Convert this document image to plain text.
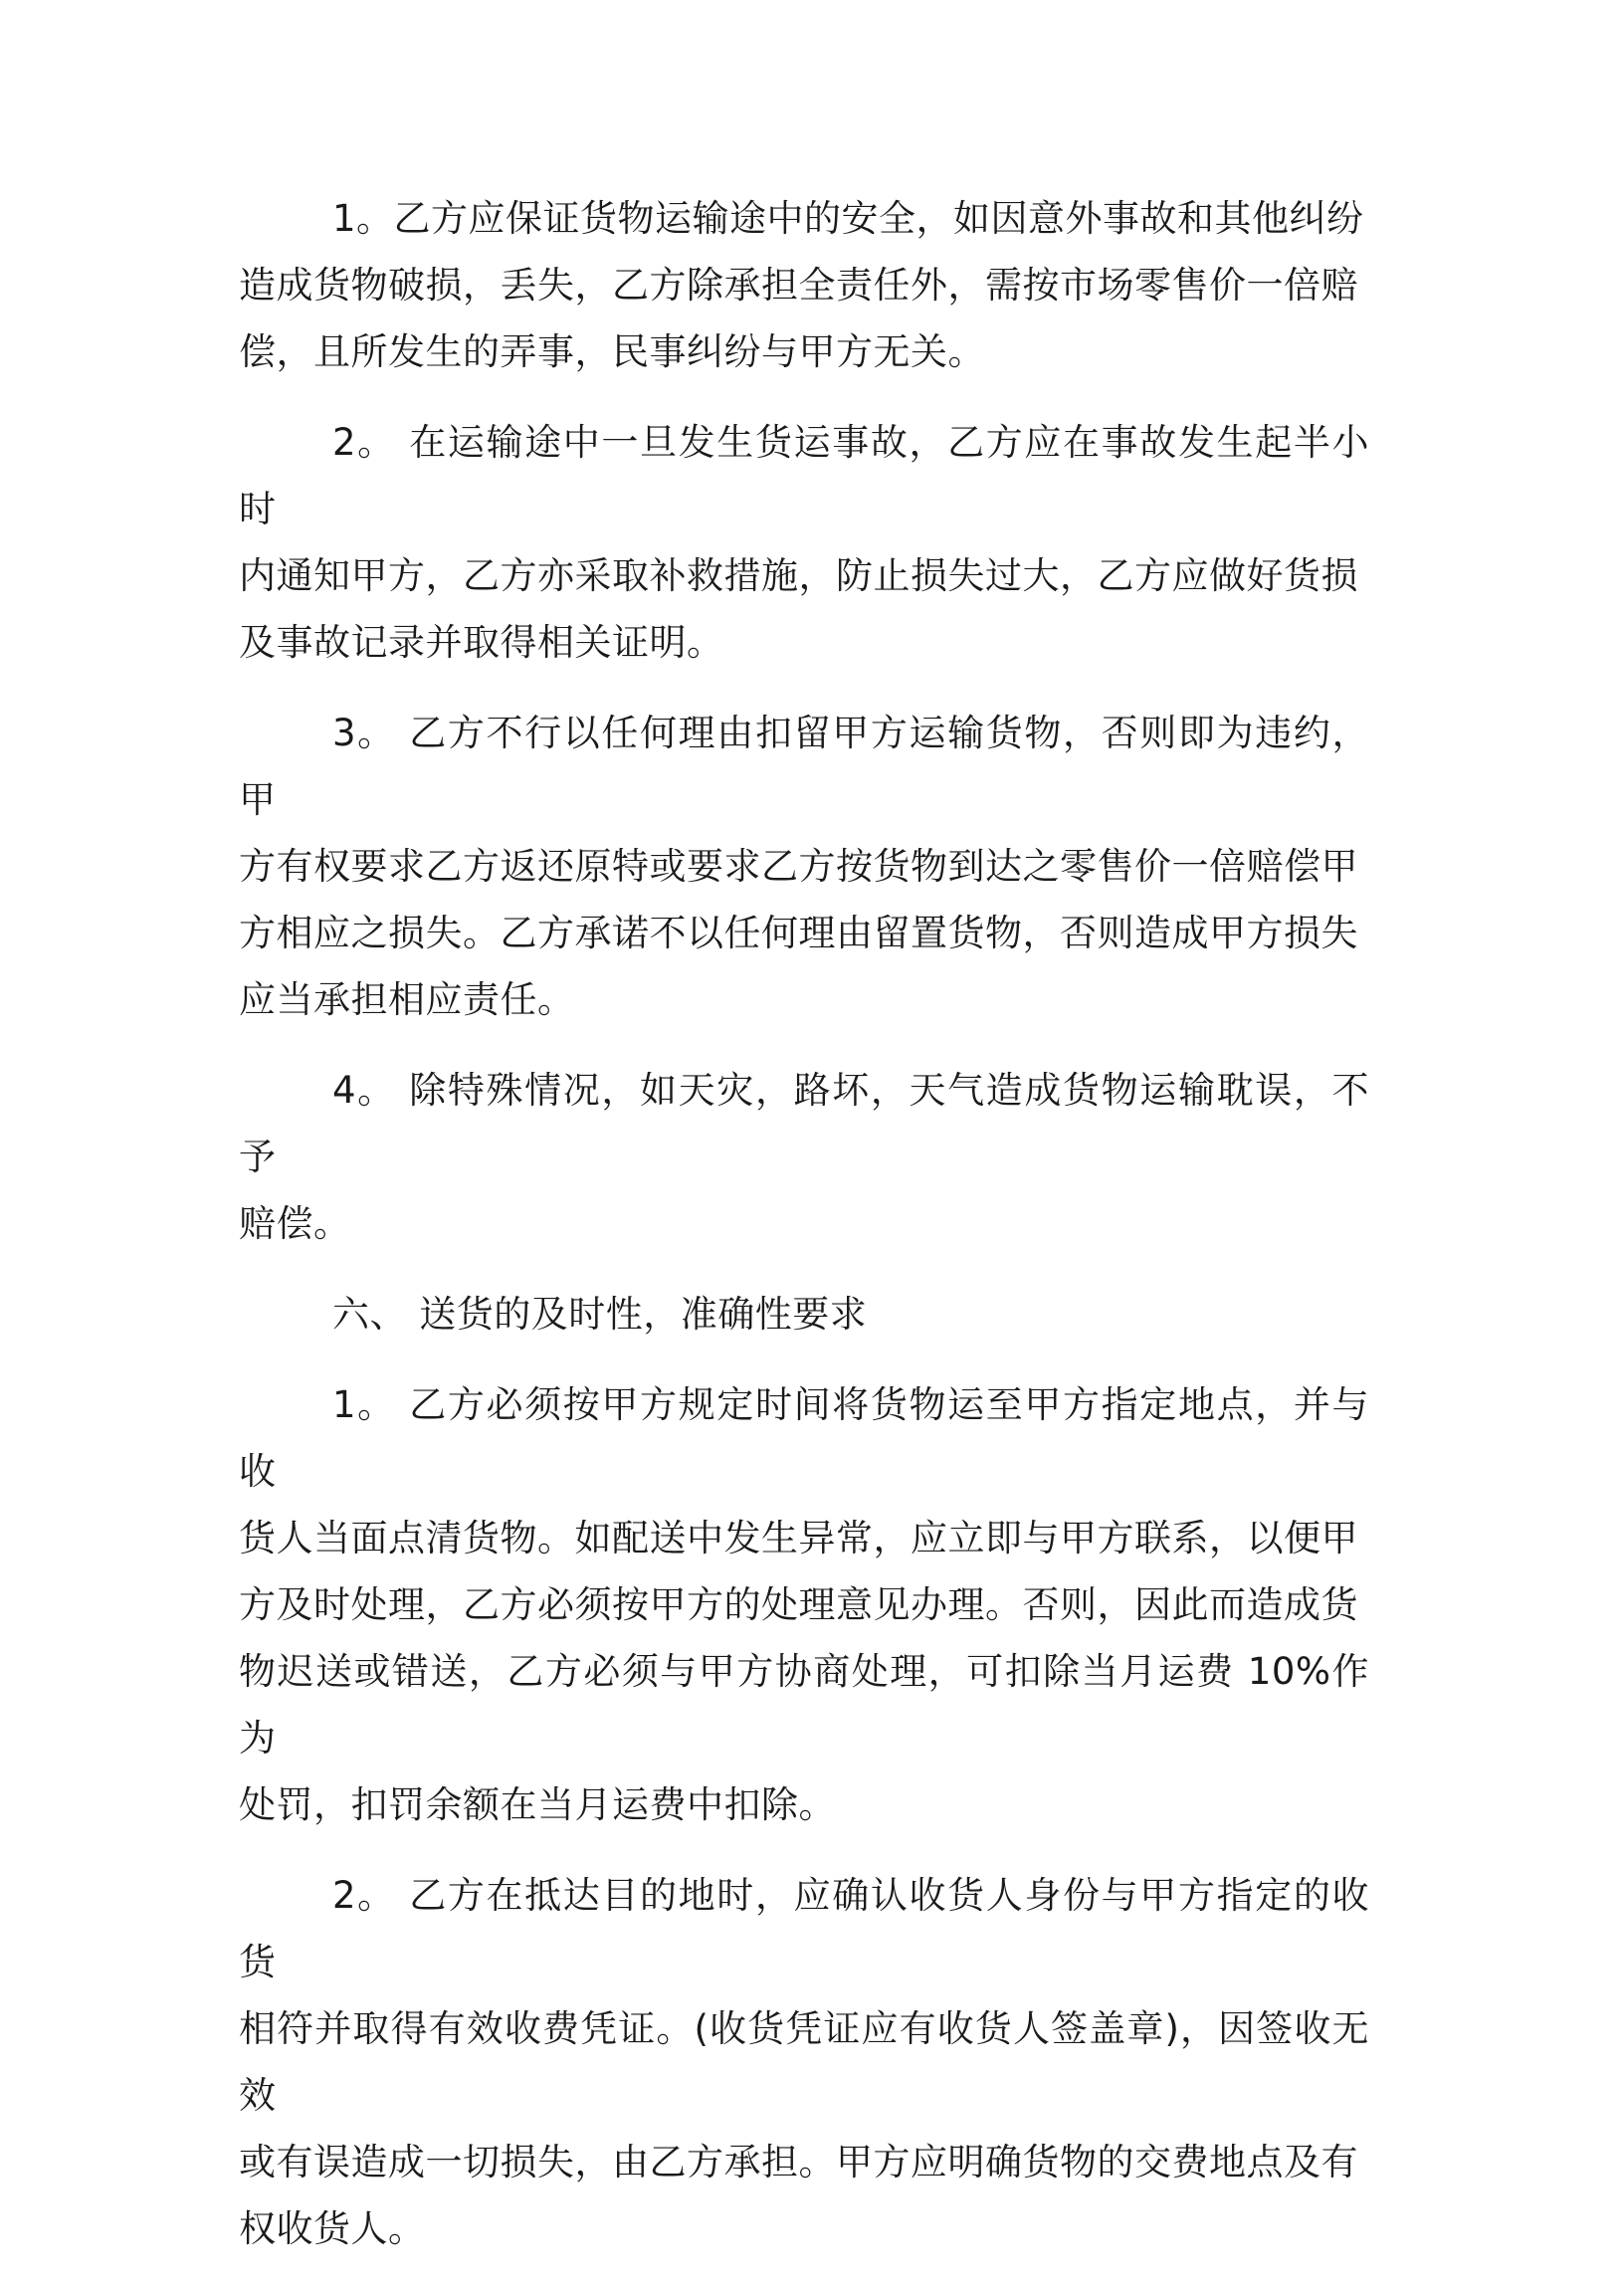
1。乙方应保证货物运输途中的安全，如因意外事故和其他纠纷
造成货物破损，丢失，乙方除承担全责任外，需按市场零售价一倍赔
偿，且所发生的弄事，民事纠纷与甲方无关。
2。 在运输途中一旦发生货运事故，乙方应在事故发生起半小时
内通知甲方，乙方亦采取补救措施，防止损失过大，乙方应做好货损
及事故记录并取得相关证明。
3。 乙方不行以任何理由扣留甲方运输货物，否则即为违约，甲
方有权要求乙方返还原特或要求乙方按货物到达之零售价一倍赔偿甲
方相应之损失。乙方承诺不以任何理由留置货物，否则造成甲方损失
应当承担相应责任。
4。 除特殊情况，如天灾，路坏，天气造成货物运输耽误，不予
赔偿。
六、 送货的及时性，准确性要求
1。 乙方必须按甲方规定时间将货物运至甲方指定地点，并与收
货人当面点清货物。如配送中发生异常，应立即与甲方联系，以便甲
方及时处理，乙方必须按甲方的处理意见办理。否则，因此而造成货
物迟送或错送，乙方必须与甲方协商处理，可扣除当月运费 10%作为
处罚，扣罚余额在当月运费中扣除。
2。 乙方在抵达目的地时，应确认收货人身份与甲方指定的收货
相符并取得有效收费凭证。(收货凭证应有收货人签盖章)，因签收无效
或有误造成一切损失，由乙方承担。甲方应明确货物的交费地点及有
权收货人。
